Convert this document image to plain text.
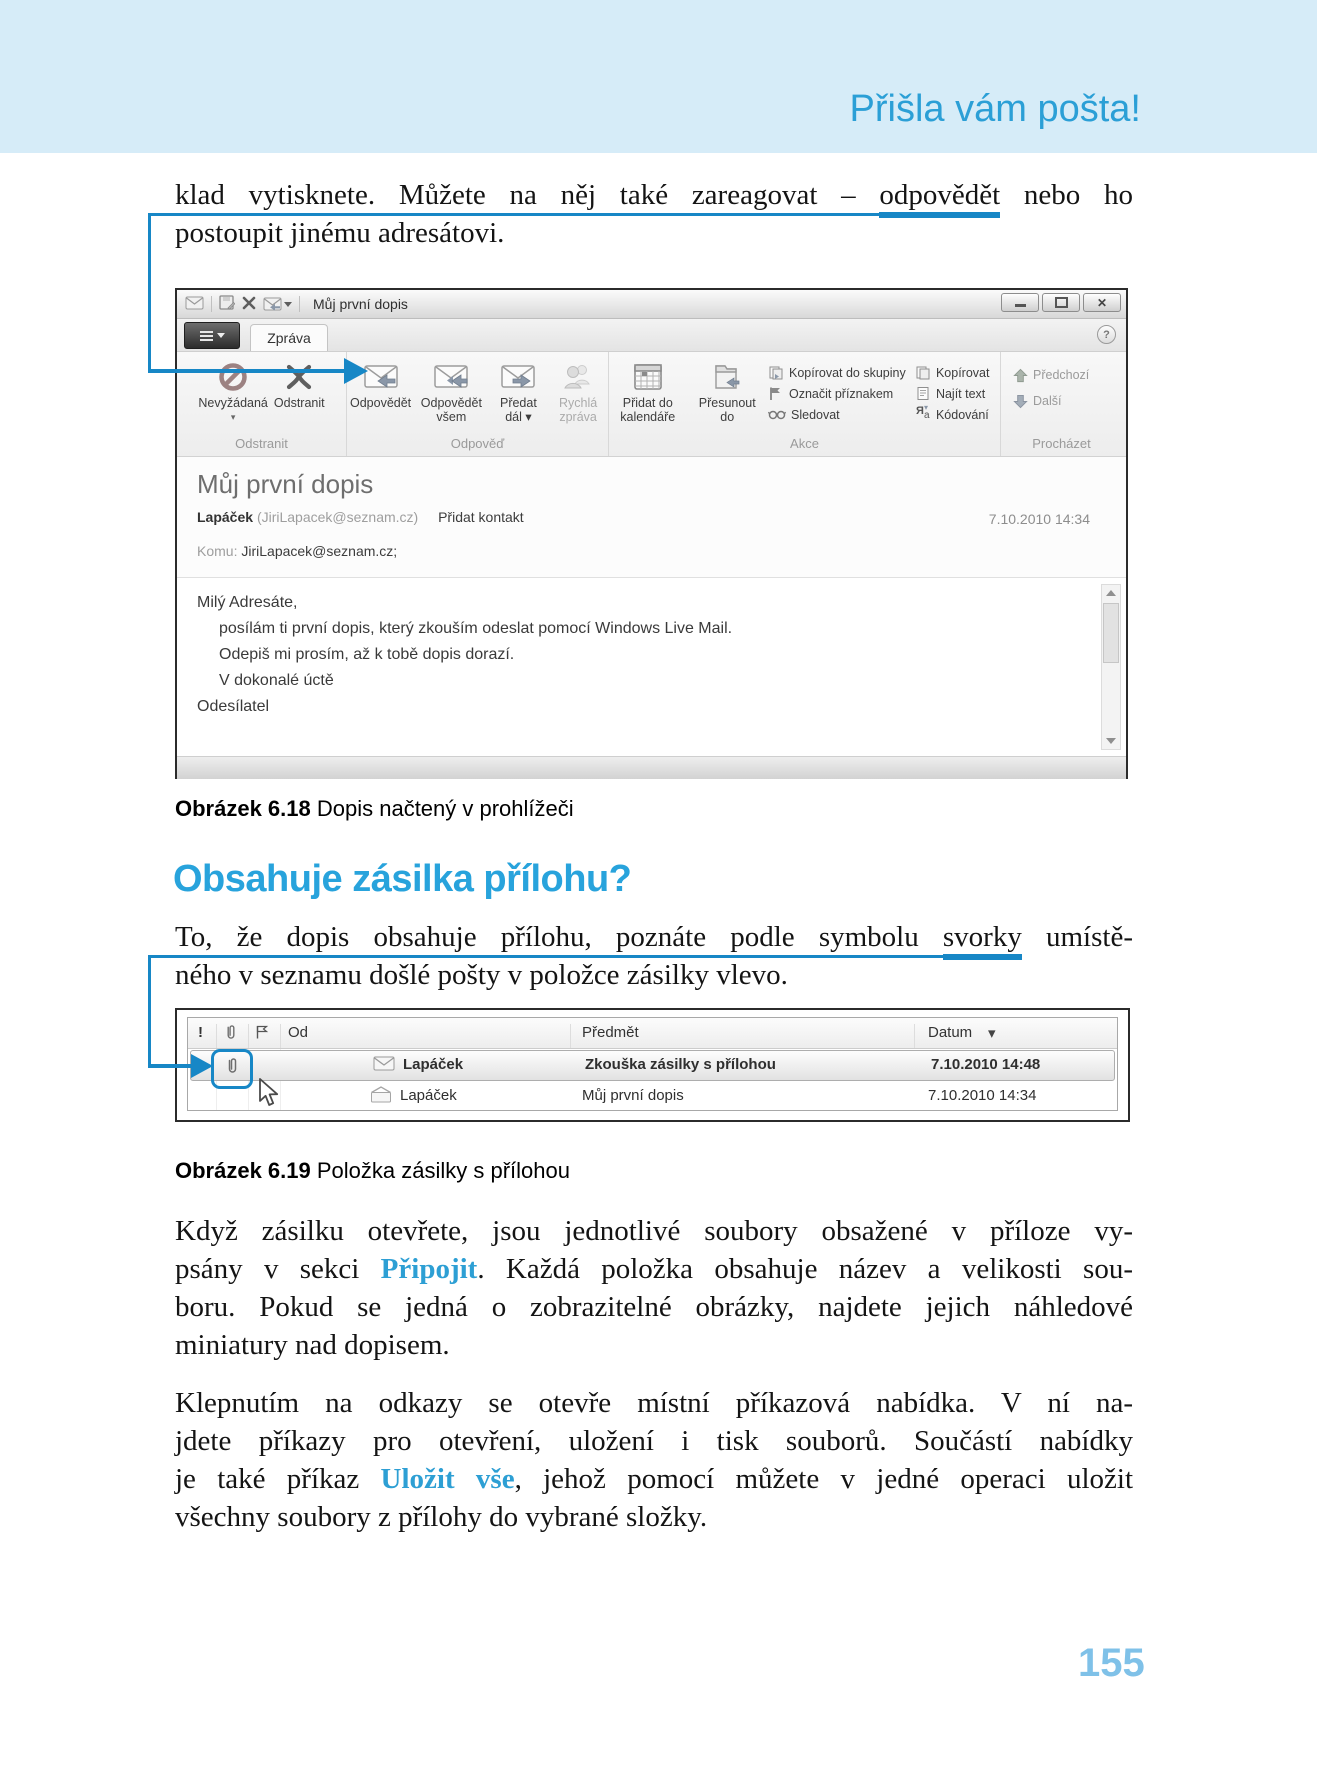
Přišla vám pošta!
klad vytisknete. Můžete na něj také zareagovat – odpovědět nebo ho
postoupit jinému adresátovi.
Můj první dopis	✕
Zpráva	?
Nevyžádaná
▾
Odstranit
Odstranit
Odpovědět Odpovědět
všem
Předat
dál ▾
Rychlá
zpráva
Odpověď
Přidat do
kalendáře
Přesunout
do
Kopírovat do skupiny
Označit příznakem
Sledovat
Kopírovat
Najít text
Я a
▾ Kódování
Akce
Předchozí
Další
Procházet
Můj první dopis
Lapáček (JiriLapacek@seznam.cz) Přidat kontakt	7.10.2010 14:34
Komu: JiriLapacek@seznam.cz;
Milý Adresáte,
posílám ti první dopis, který zkouším odeslat pomocí Windows Live Mail.
Odepiš mi prosím, až k tobě dopis dorazí.
V dokonalé úctě
Odesílatel
Obrázek 6.18 Dopis načtený v prohlížeči
Obsahuje zásilka přílohu?
To, že dopis obsahuje přílohu, poznáte podle symbolu svorky umístě-
ného v seznamu došlé pošty v položce zásilky vlevo.
!	Od	Předmět	Datum ▾
Lapáček	Zkouška zásilky s přílohou	7.10.2010 14:48
Lapáček	Můj první dopis	7.10.2010 14:34
Obrázek 6.19 Položka zásilky s přílohou
Když zásilku otevřete, jsou jednotlivé soubory obsažené v příloze vy-
psány v sekci Připojit. Každá položka obsahuje název a velikosti sou-
boru. Pokud se jedná o zobrazitelné obrázky, najdete jejich náhledové
miniatury nad dopisem.
Klepnutím na odkazy se otevře místní příkazová nabídka. V ní na-
jdete příkazy pro otevření, uložení i tisk souborů. Součástí nabídky
je také příkaz Uložit vše, jehož pomocí můžete v jedné operaci uložit
všechny soubory z přílohy do vybrané složky.
155
